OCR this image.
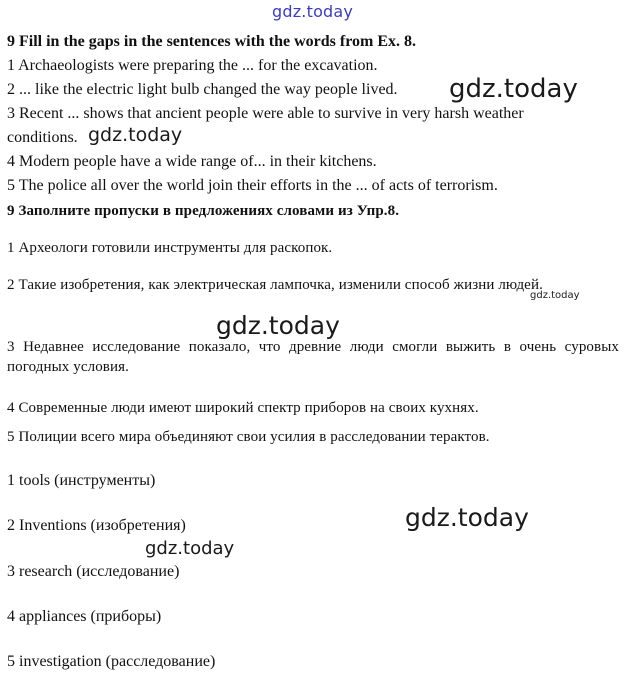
gdz.today
9 Fill in the gaps in the sentences with the words from Ex. 8.
1 Archaeologists were preparing the ... for the excavation.
2 ... like the electric light bulb changed the way people lived. gdz.today
3 Recent ... shows that ancient people were able to survive in very harsh weather
conditions. gdz.today
4 Modern people have a wide range of... in their kitchens.
5 The police all over the world join their efforts in the ... of acts of terrorism.
9 Заполните пропуски в предложениях словами из Упр.8.
1 Археологи готовили инструменты для раскопок.
2 Такие изобретения, как электрическая лампочка, изменили способ жизни людей.
gdz.today
gdz.today
3 Недавнее исследование показало, что древние люди смогли выжить в очень суровых погодных условия.
4 Современные люди имеют широкий спектр приборов на своих кухнях.
5 Полиции всего мира объединяют свои усилия в расследовании терактов.
1 tools (инструменты)
2 Inventions (изобретения)	gdz.today
gdz.today
3 research (исследование)
4 appliances (приборы)
5 investigation (расследование)
